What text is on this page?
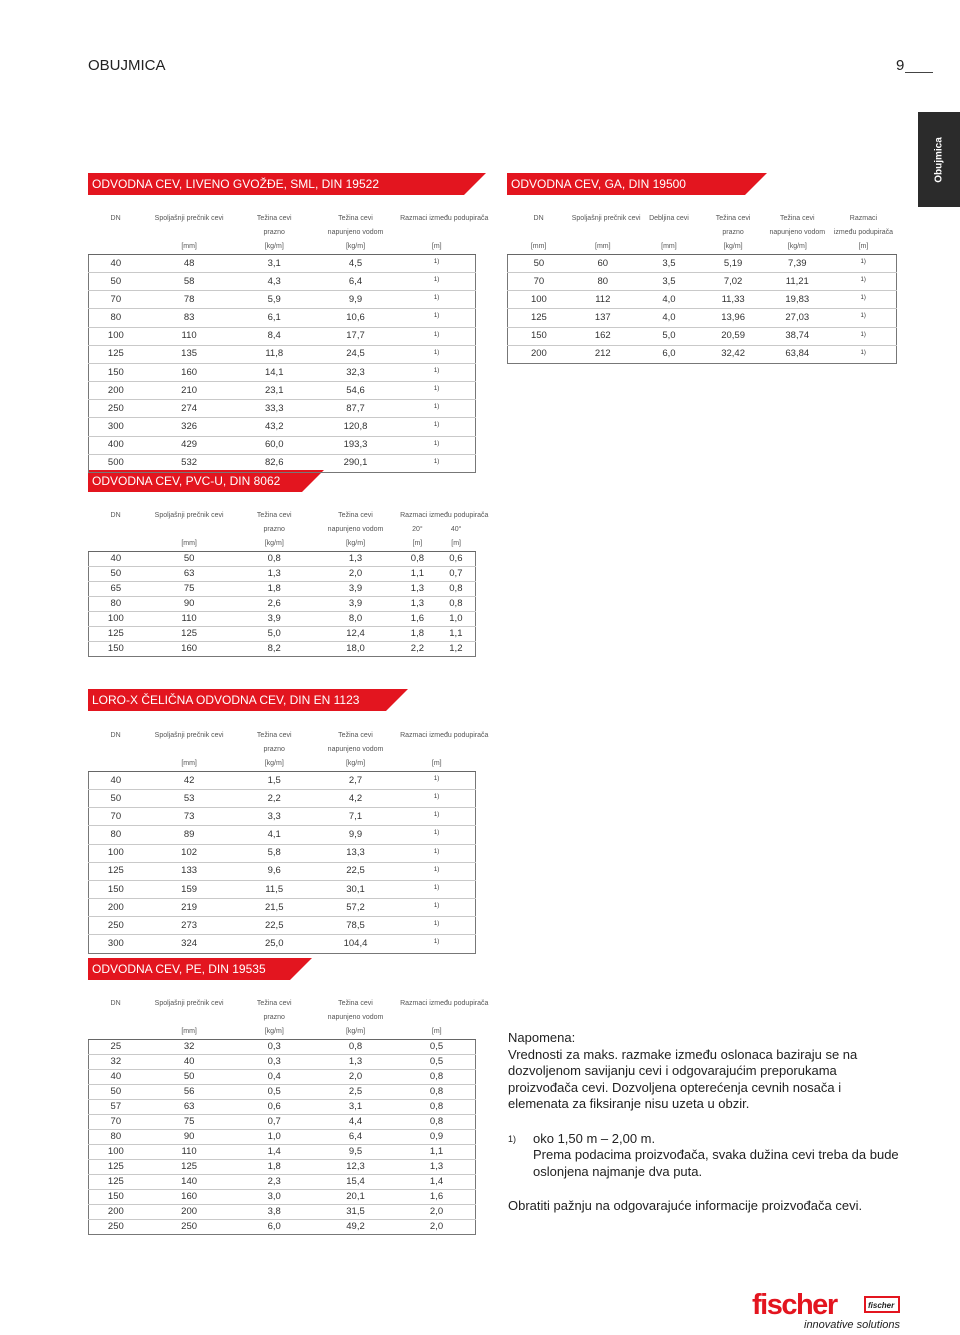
OBUJMICA	9
Obujmica
ODVODNA CEV, LIVENO GVOŽĐE, SML, DIN 19522	ODVODNA CEV, GA, DIN 19500
ODVODNA CEV, PVC-U, DIN 8062
LORO-X ČELIČNA ODVODNA CEV, DIN EN 1123
ODVODNA CEV, PE, DIN 19535
DN	Spoljašnji prečnik cevi	Težina cevi	Težina cevi	Razmaci između podupirača
		prazno	napunjeno vodom	
	[mm]	[kg/m]	[kg/m]	[m]
40	48	3,1	4,5	$^{1)}$
50	58	4,3	6,4	$^{1)}$
70	78	5,9	9,9	$^{1)}$
80	83	6,1	10,6	$^{1)}$
100	110	8,4	17,7	$^{1)}$
125	135	11,8	24,5	$^{1)}$
150	160	14,1	32,3	$^{1)}$
200	210	23,1	54,6	$^{1)}$
250	274	33,3	87,7	$^{1)}$
300	326	43,2	120,8	$^{1)}$
400	429	60,0	193,3	$^{1)}$
500	532	82,6	290,1	$^{1)}$
DN	Spoljašnji prečnik cevi	Debljina cevi	Težina cevi	Težina cevi	Razmaci
			prazno	napunjeno vodom	između podupirača
[mm]	[mm]	[mm]	[kg/m]	[kg/m]	[m]
50	60	3,5	5,19	7,39	$^{1)}$
70	80	3,5	7,02	11,21	$^{1)}$
100	112	4,0	11,33	19,83	$^{1)}$
125	137	4,0	13,96	27,03	$^{1)}$
150	162	5,0	20,59	38,74	$^{1)}$
200	212	6,0	32,42	63,84	$^{1)}$
DN	Spoljašnji prečnik cevi	Težina cevi	Težina cevi	Razmaci između podupirača	
		prazno	napunjeno vodom	20°	40°
	[mm]	[kg/m]	[kg/m]	[m]	[m]
40	50	0,8	1,3	0,8	0,6
50	63	1,3	2,0	1,1	0,7
65	75	1,8	3,9	1,3	0,8
80	90	2,6	3,9	1,3	0,8
100	110	3,9	8,0	1,6	1,0
125	125	5,0	12,4	1,8	1,1
150	160	8,2	18,0	2,2	1,2
DN	Spoljašnji prečnik cevi	Težina cevi	Težina cevi	Razmaci između podupirača
		prazno	napunjeno vodom	
	[mm]	[kg/m]	[kg/m]	[m]
40	42	1,5	2,7	$^{1)}$
50	53	2,2	4,2	$^{1)}$
70	73	3,3	7,1	$^{1)}$
80	89	4,1	9,9	$^{1)}$
100	102	5,8	13,3	$^{1)}$
125	133	9,6	22,5	$^{1)}$
150	159	11,5	30,1	$^{1)}$
200	219	21,5	57,2	$^{1)}$
250	273	22,5	78,5	$^{1)}$
300	324	25,0	104,4	$^{1)}$
DN	Spoljašnji prečnik cevi	Težina cevi	Težina cevi	Razmaci između podupirača
		prazno	napunjeno vodom	
	[mm]	[kg/m]	[kg/m]	[m]
25	32	0,3	0,8	0,5
32	40	0,3	1,3	0,5
40	50	0,4	2,0	0,8
50	56	0,5	2,5	0,8
57	63	0,6	3,1	0,8
70	75	0,7	4,4	0,8
80	90	1,0	6,4	0,9
100	110	1,4	9,5	1,1
125	125	1,8	12,3	1,3
125	140	2,3	15,4	1,4
150	160	3,0	20,1	1,6
200	200	3,8	31,5	2,0
250	250	6,0	49,2	2,0

Napomena:

Vrednosti za maks. razmake između oslonaca baziraju se na dozvoljenom savijanju cevi i odgovarajućim preporukama proizvođača cevi. Dozvoljena opterećenja cevnih nosača i elemenata za fiksiranje nisu uzeta u obzir.

1)	oko 1,50 m – 2,00 m.

Prema podacima proizvođača, svaka dužina cevi treba da bude oslonjena najmanje dva puta.

Obratiti pažnju na odgovarajuće informacije proizvođača cevi.

fischer	fischer
innovative solutions
